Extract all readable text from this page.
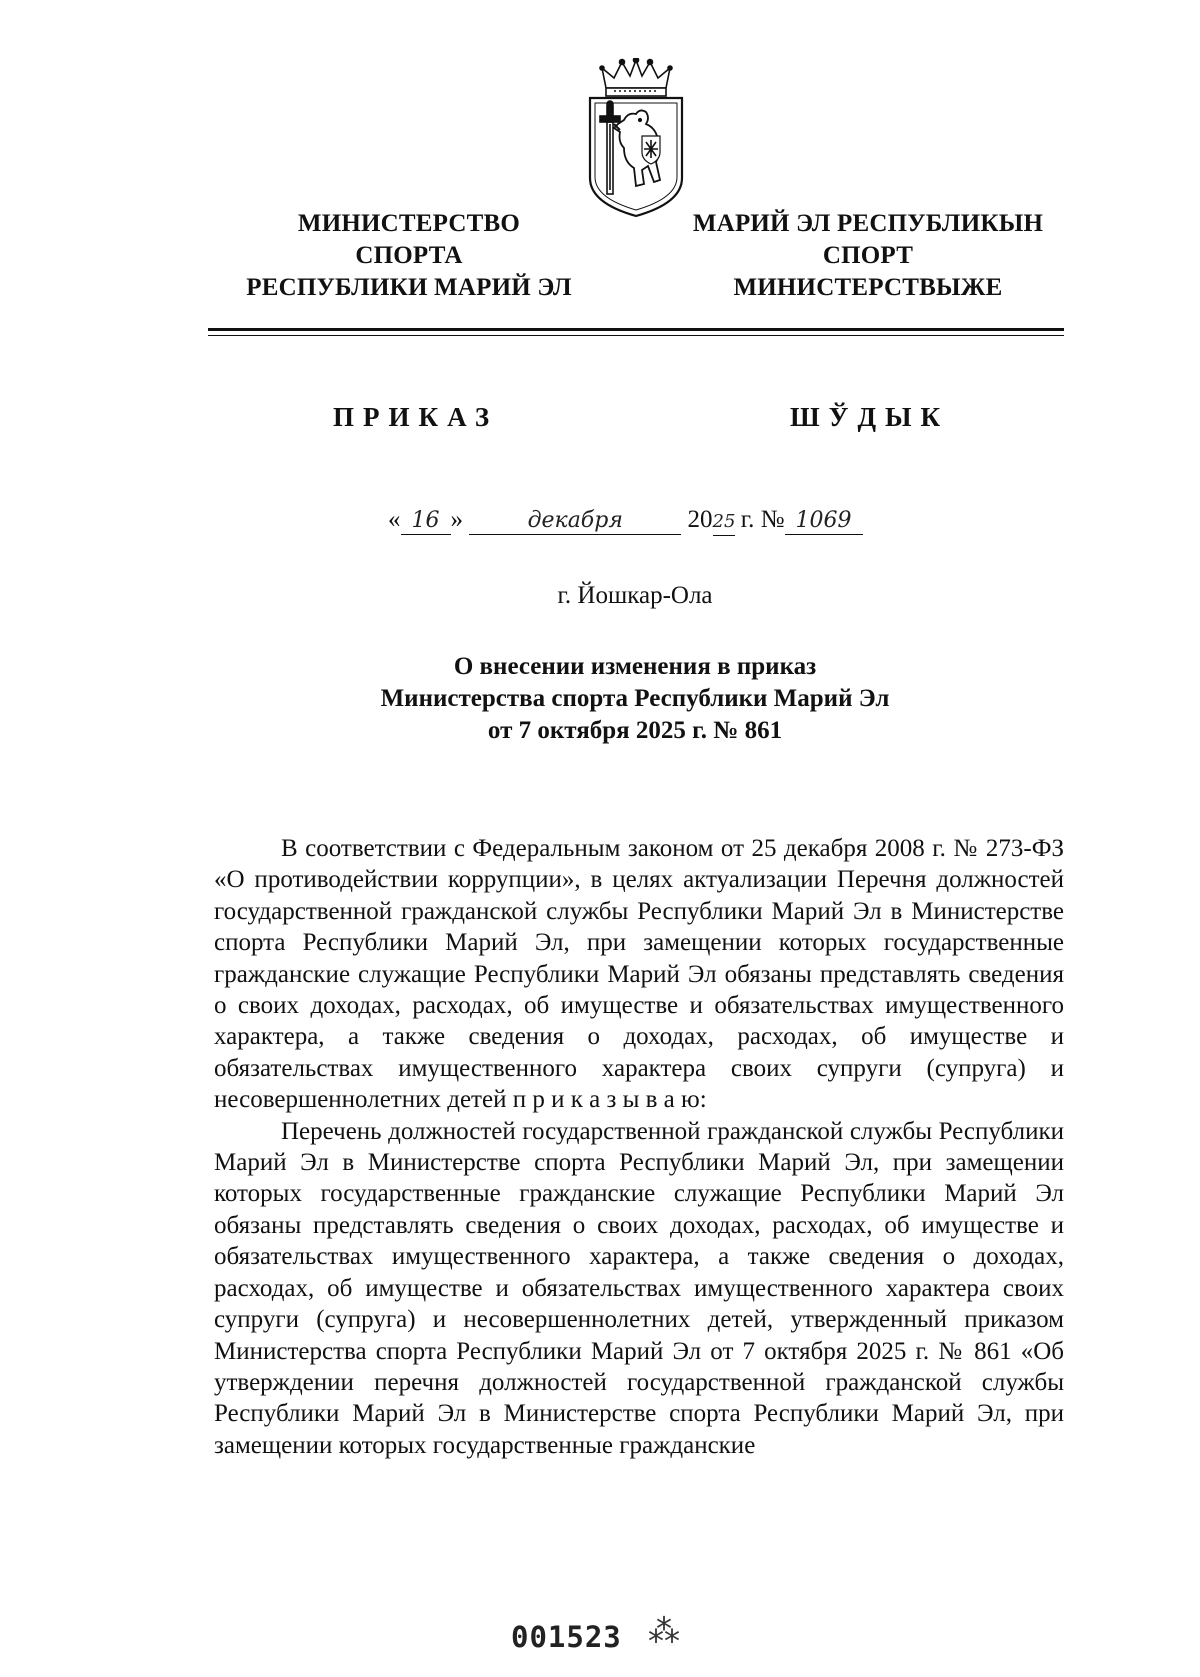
МИНИСТЕРСТВО
СПОРТА
РЕСПУБЛИКИ МАРИЙ ЭЛ
МАРИЙ ЭЛ РЕСПУБЛИКЫН
СПОРТ
МИНИСТЕРСТВЫЖЕ
ПРИКАЗ	ШЎДЫК
« 16 »	декабря	2025 г. № 1069
г. Йошкар-Ола
О внесении изменения в приказ
Министерства спорта Республики Марий Эл
от 7 октября 2025 г. № 861

В соответствии с Федеральным законом от 25 декабря 2008 г. № 273-ФЗ «О противодействии коррупции», в целях актуализации Перечня должностей государственной гражданской службы Республики Марий Эл в Министерстве спорта Республики Марий Эл, при замещении которых государственные гражданские служащие Республики Марий Эл обязаны представлять сведения о своих доходах, расходах, об имуществе и обязательствах имущественного характера, а также сведения о доходах, расходах, об имуществе и обязательствах имущественного характера своих супруги (супруга) и несовершеннолетних детей п р и к а з ы в а ю:

Перечень должностей государственной гражданской службы Республики Марий Эл в Министерстве спорта Республики Марий Эл, при замещении которых государственные гражданские служащие Республики Марий Эл обязаны представлять сведения о своих доходах, расходах, об имуществе и обязательствах имущественного характера, а также сведения о доходах, расходах, об имуществе и обязательствах имущественного характера своих супруги (супруга) и несовершеннолетних детей, утвержденный приказом Министерства спорта Республики Марий Эл от 7 октября 2025 г. № 861 «Об утверждении перечня должностей государственной гражданской службы Республики Марий Эл в Министерстве спорта Республики Марий Эл, при замещении которых государственные гражданские

001523 ⁂
